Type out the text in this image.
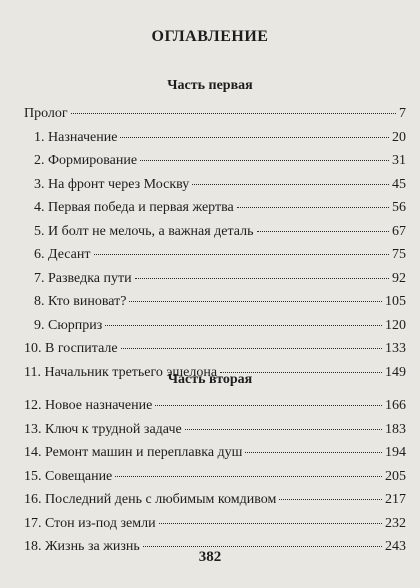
ОГЛАВЛЕНИЕ
Часть первая
Пролог	7
1. Назначение	20
2. Формирование	31
3. На фронт через Москву	45
4. Первая победа и первая жертва	56
5. И болт не мелочь, а важная деталь	67
6. Десант	75
7. Разведка пути	92
8. Кто виноват?	105
9. Сюрприз	120
10. В госпитале	133
11. Начальник третьего эшелона	149
Часть вторая
12. Новое назначение	166
13. Ключ к трудной задаче	183
14. Ремонт машин и переплавка душ	194
15. Совещание	205
16. Последний день с любимым комдивом	217
17. Стон из-под земли	232
18. Жизнь за жизнь	243
382
